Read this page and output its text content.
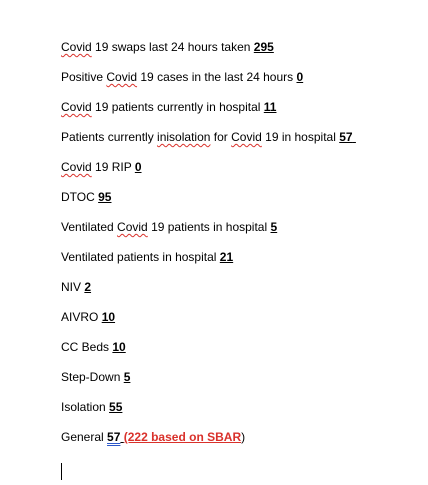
Covid 19 swaps last 24 hours taken 295
Positive Covid 19 cases in the last 24 hours 0
Covid 19 patients currently in hospital 11
Patients currently inisolation for Covid 19 in hospital 57
Covid 19 RIP 0
DTOC 95
Ventilated Covid 19 patients in hospital 5
Ventilated patients in hospital 21
NIV 2
AIVRO 10
CC Beds 10
Step-Down 5
Isolation 55
General 57 (222 based on SBAR)
